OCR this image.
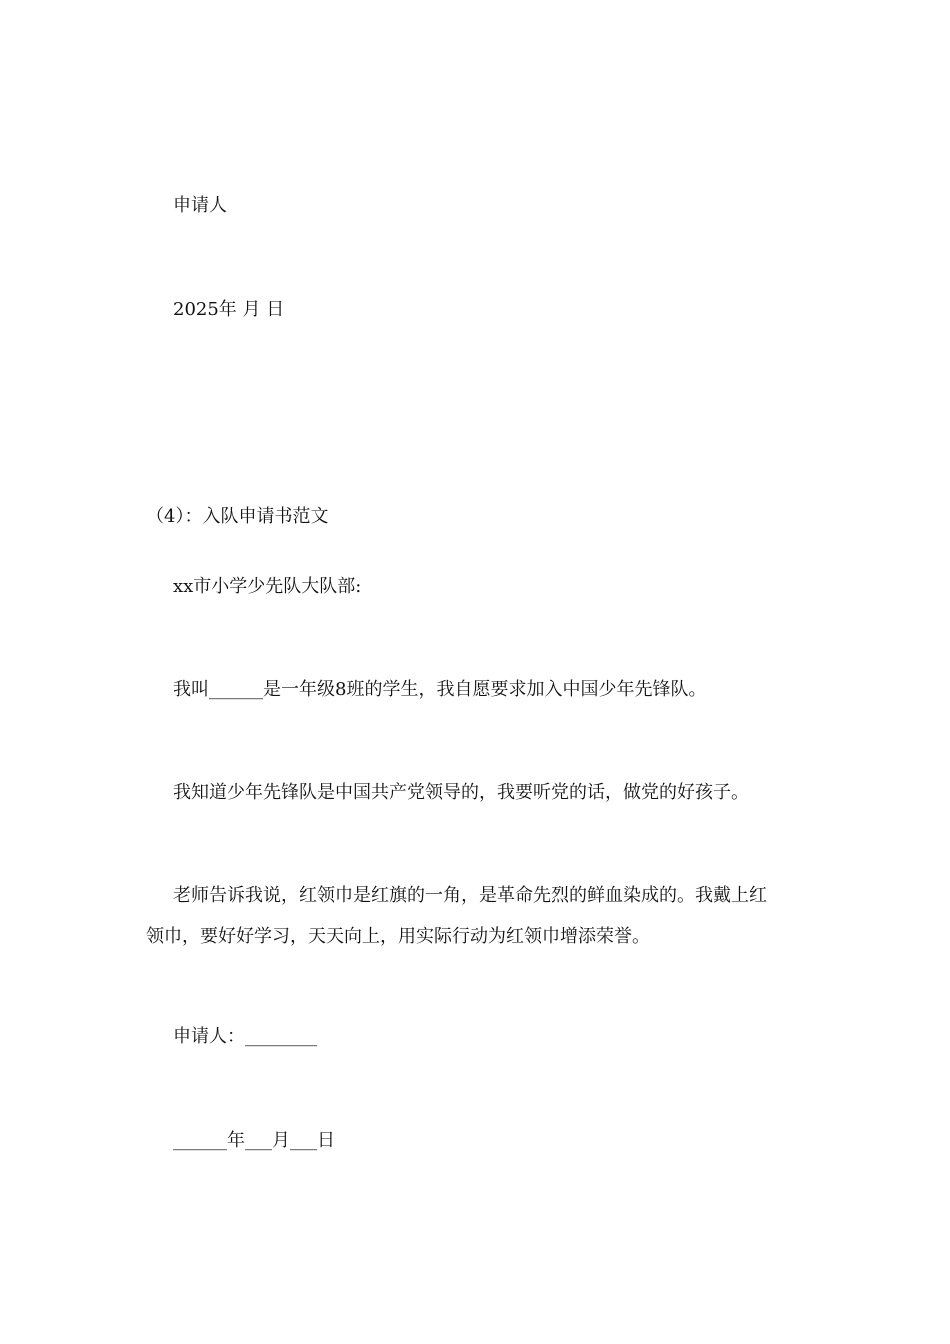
申请人
2025年 月 日
（4）：入队申请书范文
xx市小学少先队大队部:
我叫______是一年级8班的学生，我自愿要求加入中国少年先锋队。
我知道少年先锋队是中国共产党领导的，我要听党的话，做党的好孩子。
老师告诉我说，红领巾是红旗的一角，是革命先烈的鲜血染成的。我戴上红
领巾，要好好学习，天天向上，用实际行动为红领巾增添荣誉。
申请人：________
______年___月___日
